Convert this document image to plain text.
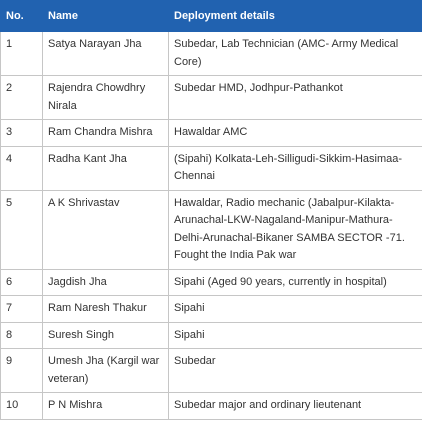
No.	Name	Deployment details
1	Satya Narayan Jha	Subedar, Lab Technician (AMC- Army Medical Core)
2	Rajendra Chowdhry Nirala	Subedar HMD, Jodhpur-Pathankot
3	Ram Chandra Mishra	Hawaldar AMC
4	Radha Kant Jha	(Sipahi) Kolkata-Leh-Silligudi-Sikkim-Hasimaa-Chennai
5	A K Shrivastav	Hawaldar, Radio mechanic (Jabalpur-Kilakta-Arunachal-LKW-Nagaland-Manipur-Mathura-Delhi-Arunachal-Bikaner SAMBA SECTOR -71. Fought the India Pak war
6	Jagdish Jha	Sipahi (Aged 90 years, currently in hospital)
7	Ram Naresh Thakur	Sipahi
8	Suresh Singh	Sipahi
9	Umesh Jha (Kargil war veteran)	Subedar
10	P N Mishra	Subedar major and ordinary lieutenant
